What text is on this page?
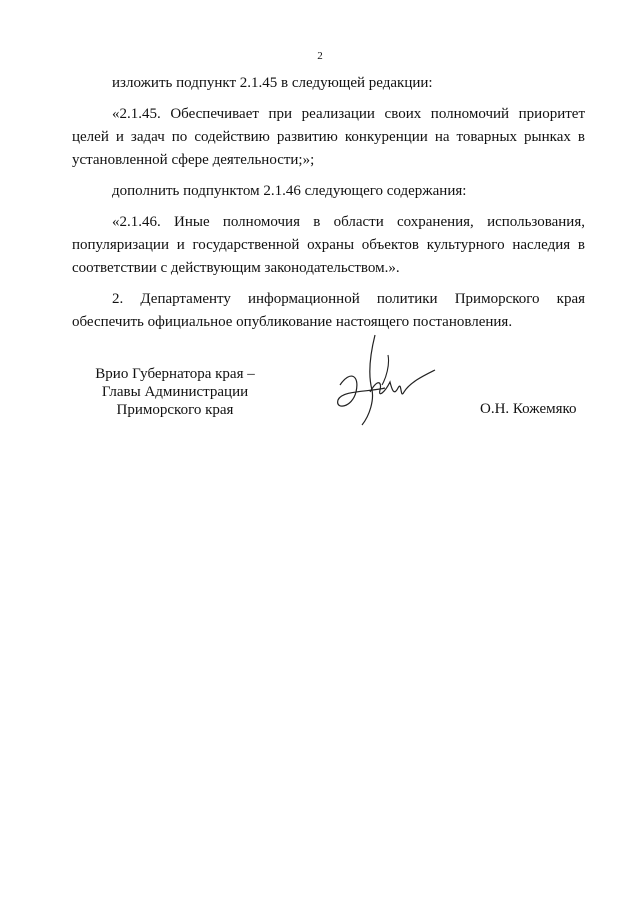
2

изложить подпункт 2.1.45 в следующей редакции:

«2.1.45. Обеспечивает при реализации своих полномочий приоритет целей и задач по содействию развитию конкуренции на товарных рынках в установленной сфере деятельности;»;

дополнить подпунктом 2.1.46 следующего содержания:

«2.1.46. Иные полномочия в области сохранения, использования, популяризации и государственной охраны объектов культурного наследия в соответствии с действующим законодательством.».

2. Департаменту информационной политики Приморского края обеспечить официальное опубликование настоящего постановления.

Врио Губернатора края –
Главы Администрации
Приморского края	О.Н. Кожемяко
